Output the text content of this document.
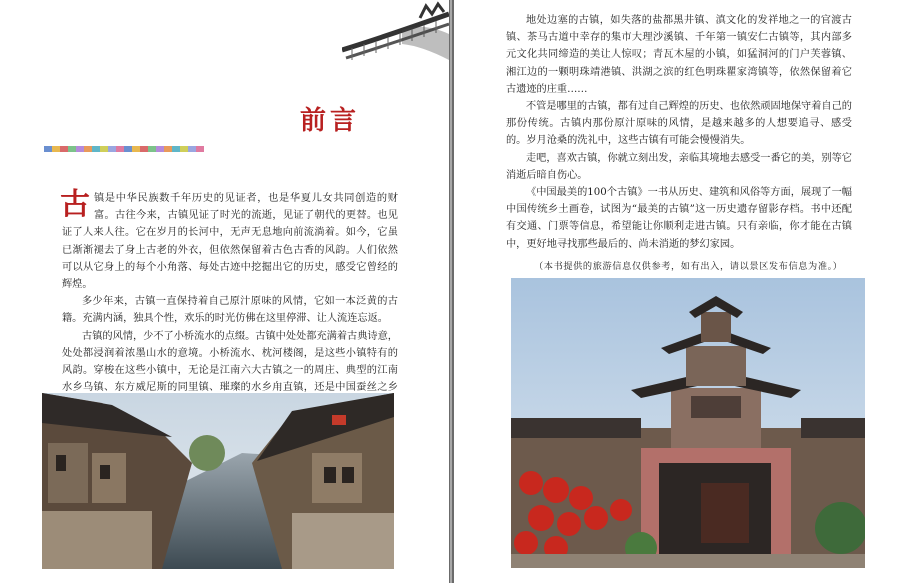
前言

古镇是中华民族数千年历史的见证者，也是华夏儿女共同创造的财富。古往今来，古镇见证了时光的流逝，见证了朝代的更替。也见证了人来人往。它在岁月的长河中，无声无息地向前流淌着。如今，它虽已渐渐褪去了身上古老的外衣，但依然保留着古色古香的风韵。人们依然可以从它身上的每个小角落、每处古迹中挖掘出它的历史，感受它曾经的辉煌。

多少年来，古镇一直保持着自己原汁原味的风情，它如一本泛黄的古籍。充满内涵，独具个性，欢乐的时光仿佛在这里停滞、让人流连忘返。

古镇的风情，少不了小桥流水的点缀。古镇中处处都充满着古典诗意，处处都浸润着浓墨山水的意境。小桥流水、枕河楼阁，是这些小镇特有的风韵。穿梭在这些小镇中，无论是江南六大古镇之一的周庄、典型的江南水乡乌镇、东方威尼斯的同里镇、璀璨的水乡甪直镇，还是中国蚕丝之乡

地处边塞的古镇，如失落的盐都黑井镇、滇文化的发祥地之一的官渡古镇、茶马古道中幸存的集市大理沙溪镇、千年第一镇安仁古镇等，其内部多元文化共同缔造的美让人惊叹；青瓦木屋的小镇，如猛洞河的门户芙蓉镇、湘江边的一颗明珠靖港镇、洪湖之滨的红色明珠瞿家湾镇等，依然保留着它古遗迹的庄重……

不管是哪里的古镇，都有过自己辉煌的历史、也依然顽固地保守着自己的那份传统。古镇内那份原汁原味的风情，是越来越多的人想要追寻、感受的。岁月沧桑的洗礼中，这些古镇有可能会慢慢消失。

走吧，喜欢古镇，你就立刻出发，亲临其境地去感受一番它的美，别等它消逝后暗自伤心。

《中国最美的100个古镇》一书从历史、建筑和风俗等方面，展现了一幅中国传统乡土画卷，试图为“最美的古镇”这一历史遗存留影存档。书中还配有交通、门票等信息，希望能让你顺利走进古镇。只有亲临，你才能在古镇中，更好地寻找那些最后的、尚未消逝的梦幻家园。

（本书提供的旅游信息仅供参考，如有出入，请以景区发布信息为准。）
